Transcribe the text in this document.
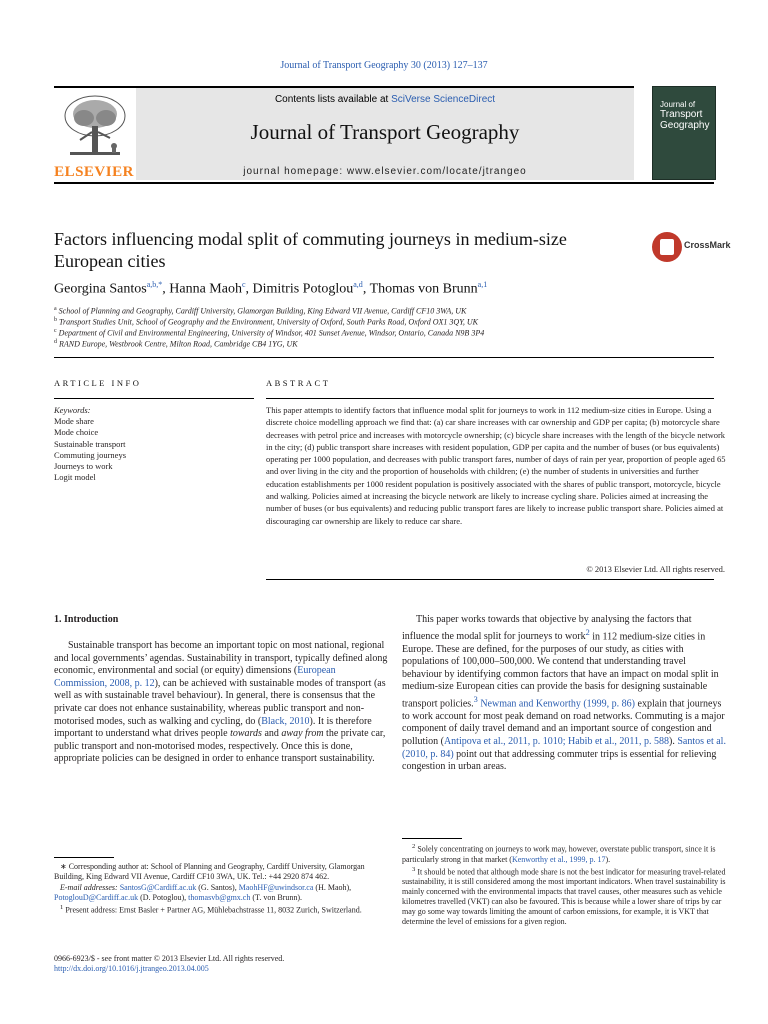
Journal of Transport Geography 30 (2013) 127–137
ELSEVIER
Contents lists available at SciVerse ScienceDirect
Journal of Transport Geography
journal homepage: www.elsevier.com/locate/jtrangeo
Journal of
Transport
Geography
Factors influencing modal split of commuting journeys in medium-size European cities
CrossMark
Georgina Santos$^{a,b,*}$, Hanna Maoh$^c$, Dimitris Potoglou$^{a,d}$, Thomas von Brunn$^{a,1}$
$^a$ School of Planning and Geography, Cardiff University, Glamorgan Building, King Edward VII Avenue, Cardiff CF10 3WA, UK
$^b$ Transport Studies Unit, School of Geography and the Environment, University of Oxford, South Parks Road, Oxford OX1 3QY, UK
$^c$ Department of Civil and Environmental Engineering, University of Windsor, 401 Sunset Avenue, Windsor, Ontario, Canada N9B 3P4
$^d$ RAND Europe, Westbrook Centre, Milton Road, Cambridge CB4 1YG, UK
ARTICLE INFO	ABSTRACT
Keywords:
Mode share
Mode choice
Sustainable transport
Commuting journeys
Journeys to work
Logit model
This paper attempts to identify factors that influence modal split for journeys to work in 112 medium-size cities in Europe. Using a discrete choice modelling approach we find that: (a) car share increases with car ownership and GDP per capita; (b) motorcycle share decreases with petrol price and increases with motorcycle ownership; (c) bicycle share increases with the length of the bicycle network in the city; (d) public transport share increases with resident population, GDP per capita and the number of buses (or bus equivalents) operating per 1000 population, and decreases with public transport fares, number of days of rain per year, proportion of people aged 65 and over living in the city and the proportion of households with children; (e) the number of students in universities and further education establishments per 1000 resident population is positively associated with the shares of public transport, motorcycle, bicycle and walking. Policies aimed at increasing the bicycle network are likely to increase cycling share. Policies aimed at increasing the number of buses (or bus equivalents) and reducing public transport fares are likely to increase public transport share. Policies aimed at discouraging car ownership are likely to reduce car share.
© 2013 Elsevier Ltd. All rights reserved.
1. Introduction
Sustainable transport has become an important topic on most national, regional and local governments’ agendas. Sustainability in transport, typically defined along economic, environmental and social (or equity) dimensions (European Commission, 2008, p. 12), can be achieved with sustainable modes of transport (as well as with sustainable travel behaviour). In general, there is consensus that the private car does not enhance sustainability, whereas public transport and non-motorised modes, such as walking and cycling, do (Black, 2010). It is therefore important to understand what drives people towards and away from the private car, public transport and non-motorised modes, respectively. Once this is done, appropriate policies can be designed in order to enhance transport sustainability.
This paper works towards that objective by analysing the factors that influence the modal split for journeys to work$^2$ in 112 medium-size cities in Europe. These are defined, for the purposes of our study, as cities with populations of 100,000–500,000. We contend that understanding travel behaviour by identifying common factors that have an impact on modal split in medium-size European cities can provide the basis for designing sustainable transport policies.$^3$ Newman and Kenworthy (1999, p. 86) explain that journeys to work account for most peak demand on road networks. Commuting is a major component of daily travel demand and an important source of congestion and pollution (Antipova et al., 2011, p. 1010; Habib et al., 2011, p. 588). Santos et al. (2010, p. 84) point out that addressing commuter trips is essential for relieving congestion in urban areas.
$^2$ Solely concentrating on journeys to work may, however, overstate public transport, since it is particularly strong in that market (Kenworthy et al., 1999, p. 17).
$^3$ It should be noted that although mode share is not the best indicator for measuring travel-related sustainability, it is still considered among the most important indicators. When travel sustainability is mainly concerned with the environmental impacts that travel causes, other measures such as vehicle kilometres travelled (VKT) can also be favoured. This is because while a lower share of trips by car may go some way towards limiting the amount of carbon emissions, for example, it is VKT that determine the level of emissions for a given region.
∗ Corresponding author at: School of Planning and Geography, Cardiff University, Glamorgan Building, King Edward VII Avenue, Cardiff CF10 3WA, UK. Tel.: +44 2920 874 462.
E-mail addresses: SantosG@Cardiff.ac.uk (G. Santos), MaohHF@uwindsor.ca (H. Maoh), PotoglouD@Cardiff.ac.uk (D. Potoglou), thomasvb@gmx.ch (T. von Brunn).
$^1$ Present address: Ernst Basler + Partner AG, Mühlebachstrasse 11, 8032 Zurich, Switzerland.
0966-6923/$ - see front matter © 2013 Elsevier Ltd. All rights reserved.
http://dx.doi.org/10.1016/j.jtrangeo.2013.04.005
